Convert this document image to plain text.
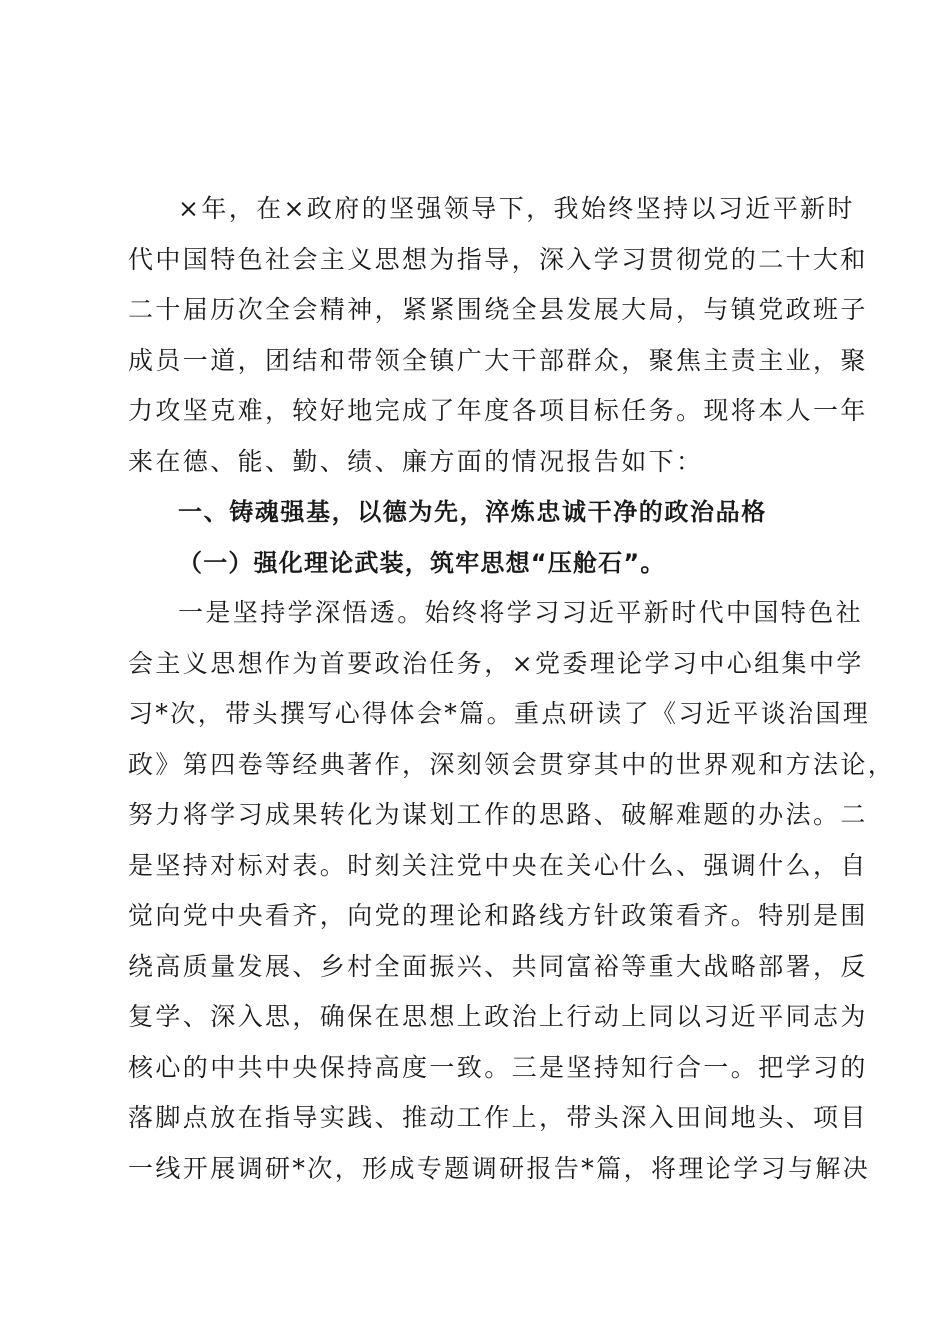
×年，在×政府的坚强领导下，我始终坚持以习近平新时
代中国特色社会主义思想为指导，深入学习贯彻党的二十大和
二十届历次全会精神，紧紧围绕全县发展大局，与镇党政班子
成员一道，团结和带领全镇广大干部群众，聚焦主责主业，聚
力攻坚克难，较好地完成了年度各项目标任务。现将本人一年
来在德、能、勤、绩、廉方面的情况报告如下：
一、铸魂强基，以德为先，淬炼忠诚干净的政治品格
（一）强化理论武装，筑牢思想“压舱石”。
一是坚持学深悟透。始终将学习习近平新时代中国特色社
会主义思想作为首要政治任务，×党委理论学习中心组集中学
习*次，带头撰写心得体会*篇。重点研读了《习近平谈治国理
政》第四卷等经典著作，深刻领会贯穿其中的世界观和方法论，
努力将学习成果转化为谋划工作的思路、破解难题的办法。二
是坚持对标对表。时刻关注党中央在关心什么、强调什么，自
觉向党中央看齐，向党的理论和路线方针政策看齐。特别是围
绕高质量发展、乡村全面振兴、共同富裕等重大战略部署，反
复学、深入思，确保在思想上政治上行动上同以习近平同志为
核心的中共中央保持高度一致。三是坚持知行合一。把学习的
落脚点放在指导实践、推动工作上，带头深入田间地头、项目
一线开展调研*次，形成专题调研报告*篇，将理论学习与解决
